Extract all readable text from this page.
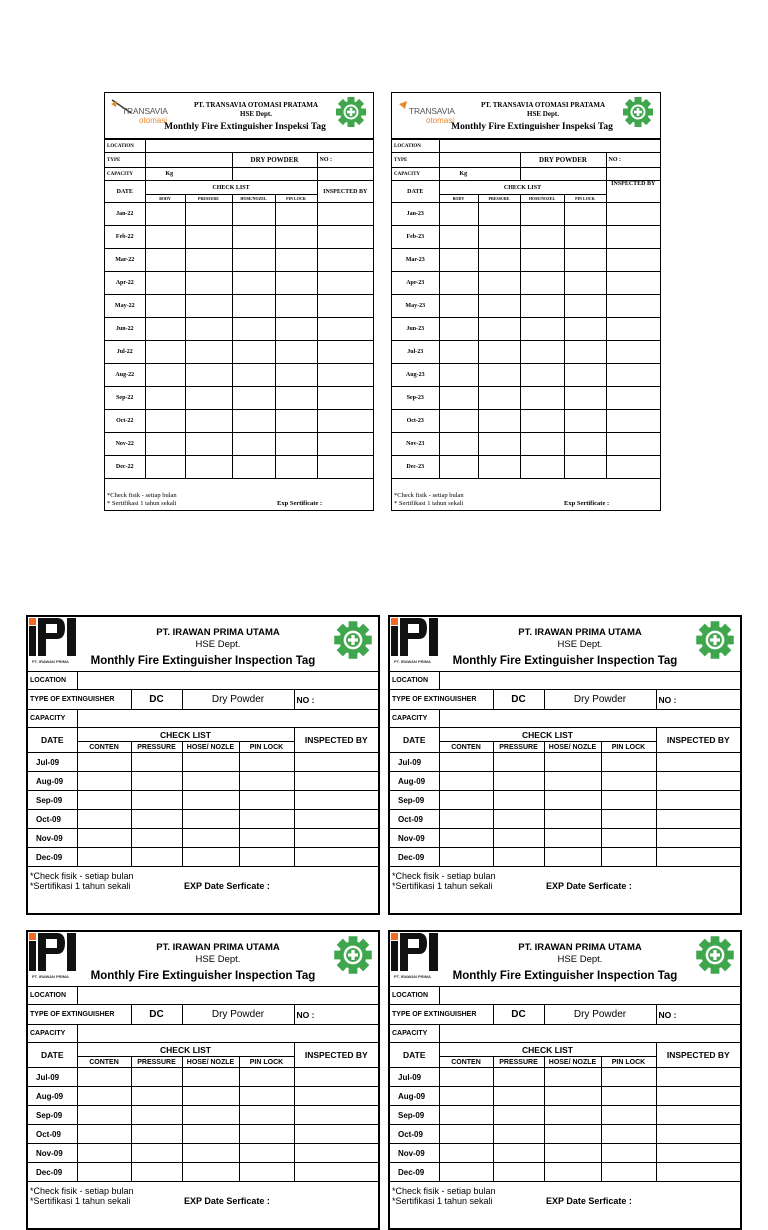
TRANSAVIA
otomasi
PT. TRANSAVIA OTOMASI PRATAMA
HSE Dept.
Monthly Fire Extinguisher Inspeksi Tag
LOCATION					
TYPE			DRY POWDER		NO :
CAPACITY	Kg				
DATE	CHECK LIST				INSPECTED BY
	BODY	PRESSURE	HOSE/NOZEL	PIN LOCK	
Jan-22					
Feb-22					
Mar-22					
Apr-22					
May-22					
Jun-22					
Jul-22					
Aug-22					
Sep-22					
Oct-22					
Nov-22					
Dec-22					
*Check fisik - setiap bulan
* Sertifikasi 1 tahun sekali	Exp Sertificate :
TRANSAVIA
otomasi
PT. TRANSAVIA OTOMASI PRATAMA
HSE Dept.
Monthly Fire Extinguisher Inspeksi Tag
LOCATION					
TYPE			DRY POWDER		NO :
CAPACITY	Kg				
DATE	CHECK LIST				INSPECTED BY
	BODY	PRESSURE	HOSE/NOZEL	PIN LOCK	
Jan-23					
Feb-23					
Mar-23					
Apr-23					
May-23					
Jun-23					
Jul-23					
Aug-23					
Sep-23					
Oct-23					
Nov-23					
Dec-23					
*Check fisik - setiap bulan
* Sertifikasi 1 tahun sekali	Exp Sertificate :
PT. IRAWAN PRIMA
PT. IRAWAN PRIMA UTAMA
HSE Dept.
Monthly Fire Extinguisher Inspection Tag
LOCATION					
TYPE OF EXTINGUISHER		DC	Dry Powder		NO :
CAPACITY					
DATE	CHECK LIST				INSPECTED BY
	CONTEN	PRESSURE	HOSE/ NOZLE	PIN LOCK	
Jul-09					
Aug-09					
Sep-09					
Oct-09					
Nov-09					
Dec-09					
*Check fisik - setiap bulan
*Sertifikasi 1 tahun sekali	EXP Date Serficate :
PT. IRAWAN PRIMA
PT. IRAWAN PRIMA UTAMA
HSE Dept.
Monthly Fire Extinguisher Inspection Tag
LOCATION					
TYPE OF EXTINGUISHER		DC	Dry Powder		NO :
CAPACITY					
DATE	CHECK LIST				INSPECTED BY
	CONTEN	PRESSURE	HOSE/ NOZLE	PIN LOCK	
Jul-09					
Aug-09					
Sep-09					
Oct-09					
Nov-09					
Dec-09					
*Check fisik - setiap bulan
*Sertifikasi 1 tahun sekali	EXP Date Serficate :
PT. IRAWAN PRIMA
PT. IRAWAN PRIMA UTAMA
HSE Dept.
Monthly Fire Extinguisher Inspection Tag
LOCATION					
TYPE OF EXTINGUISHER		DC	Dry Powder		NO :
CAPACITY					
DATE	CHECK LIST				INSPECTED BY
	CONTEN	PRESSURE	HOSE/ NOZLE	PIN LOCK	
Jul-09					
Aug-09					
Sep-09					
Oct-09					
Nov-09					
Dec-09					
*Check fisik - setiap bulan
*Sertifikasi 1 tahun sekali	EXP Date Serficate :
PT. IRAWAN PRIMA
PT. IRAWAN PRIMA UTAMA
HSE Dept.
Monthly Fire Extinguisher Inspection Tag
LOCATION					
TYPE OF EXTINGUISHER		DC	Dry Powder		NO :
CAPACITY					
DATE	CHECK LIST				INSPECTED BY
	CONTEN	PRESSURE	HOSE/ NOZLE	PIN LOCK	
Jul-09					
Aug-09					
Sep-09					
Oct-09					
Nov-09					
Dec-09					
*Check fisik - setiap bulan
*Sertifikasi 1 tahun sekali	EXP Date Serficate :
